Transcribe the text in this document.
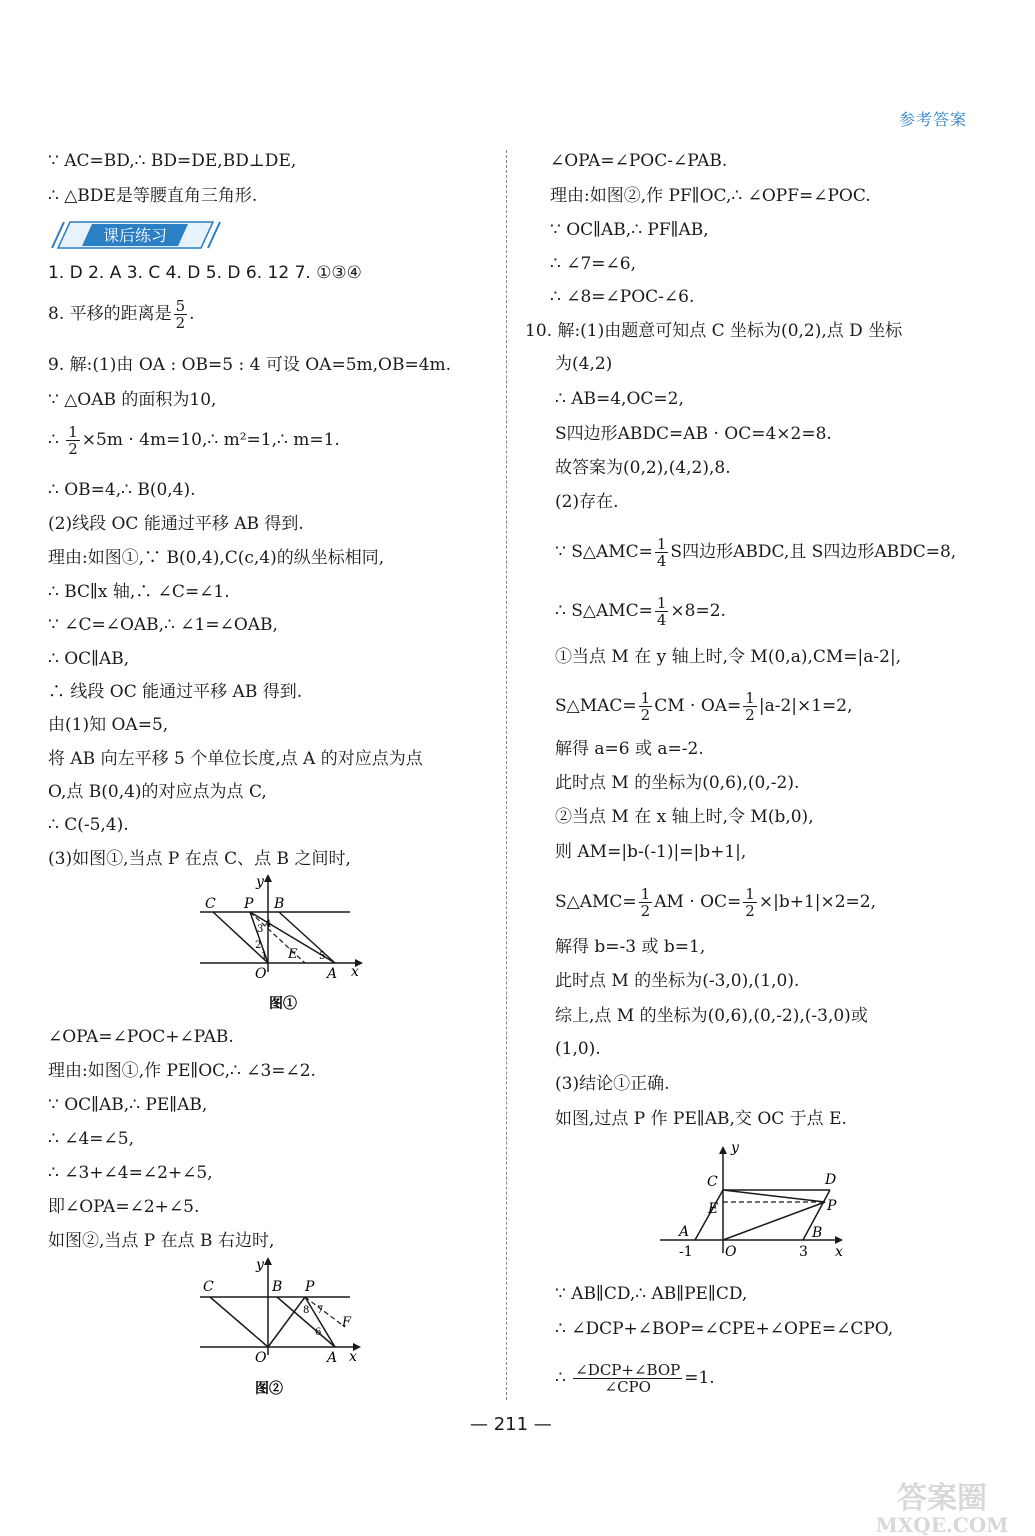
参考答案
∵ AC=BD,∴ BD=DE,BD⊥DE,
∴ △BDE是等腰直角三角形.
课后练习
1. D 2. A 3. C 4. D 5. D 6. 12 7. ①③④
8. 平移的距离是 $\frac{5}{2}$ .
9. 解:(1)由 OA : OB=5 : 4 可设 OA=5m,OB=4m.
∵ △OAB 的面积为10,
∴ $\frac{1}{2} \times 5m$ · 4m=10,∴ m²=1,∴ m=1.
∴ OB=4,∴ B(0,4).
(2)线段 OC 能通过平移 AB 得到.
理由:如图①,∵ B(0,4),C(c,4)的纵坐标相同,
∴ BC∥x 轴,∴ ∠C=∠1.
∵ ∠C=∠OAB,∴ ∠1=∠OAB,
∴ OC∥AB,
∴ 线段 OC 能通过平移 AB 得到.
由(1)知 OA=5,
将 AB 向左平移 5 个单位长度,点 A 的对应点为点
O,点 B(0,4)的对应点为点 C,
∴ C(-5,4).
(3)如图①,当点 P 在点 C、点 B 之间时,
C P B
y
O	A x
E
1
2
3 4
5
图①
∠OPA=∠POC+∠PAB.
理由:如图①,作 PE∥OC,∴ ∠3=∠2.
∵ OC∥AB,∴ PE∥AB,
∴ ∠4=∠5,
∴ ∠3+∠4=∠2+∠5,
即∠OPA=∠2+∠5.
如图②,当点 P 在点 B 右边时,
C	B P
y
O	A x
F
6
7
8
图②
∠OPA=∠POC-∠PAB.
理由:如图②,作 PF∥OC,∴ ∠OPF=∠POC.
∵ OC∥AB,∴ PF∥AB,
∴ ∠7=∠6,
∴ ∠8=∠POC-∠6.
10. 解:(1)由题意可知点 C 坐标为(0,2),点 D 坐标
为(4,2)
∴ AB=4,OC=2,
S四边形ABDC=AB · OC=4×2=8.
故答案为(0,2),(4,2),8.
(2)存在.
∵ S△AMC= $\frac{1}{4}$ S四边形ABDC,且 S四边形ABDC=8,
∴ S△AMC= $\frac{1}{4} \times 8=2$.
①当点 M 在 y 轴上时,令 M(0,a),CM=|a-2|,
S△MAC= $\frac{1}{2}$ CM · $OA= \frac{1}{2} |a-2|\times 1=2$,
解得 a=6 或 a=-2.
此时点 M 的坐标为(0,6),(0,-2).
②当点 M 在 x 轴上时,令 M(b,0),
则 AM=|b-(-1)|=|b+1|,
S△AMC= $\frac{1}{2}$ AM · $OC= \frac{1}{2} \times|b+1|\times 2=2$,
解得 b=-3 或 b=1,
此时点 M 的坐标为(-3,0),(1,0).
综上,点 M 的坐标为(0,6),(0,-2),(-3,0)或
(1,0).
(3)结论①正确.
如图,过点 P 作 PE∥AB,交 OC 于点 E.
y
C	D
E	P
A	B
-1 O	3 x
∵ AB∥CD,∴ AB∥PE∥CD,
∴ ∠DCP+∠BOP=∠CPE+∠OPE=∠CPO,
∴ $\frac{\text{∠DCP+∠BOP}}{\text{∠CPO}} =1$.
— 211 —
答案圈
MXQE.COM
